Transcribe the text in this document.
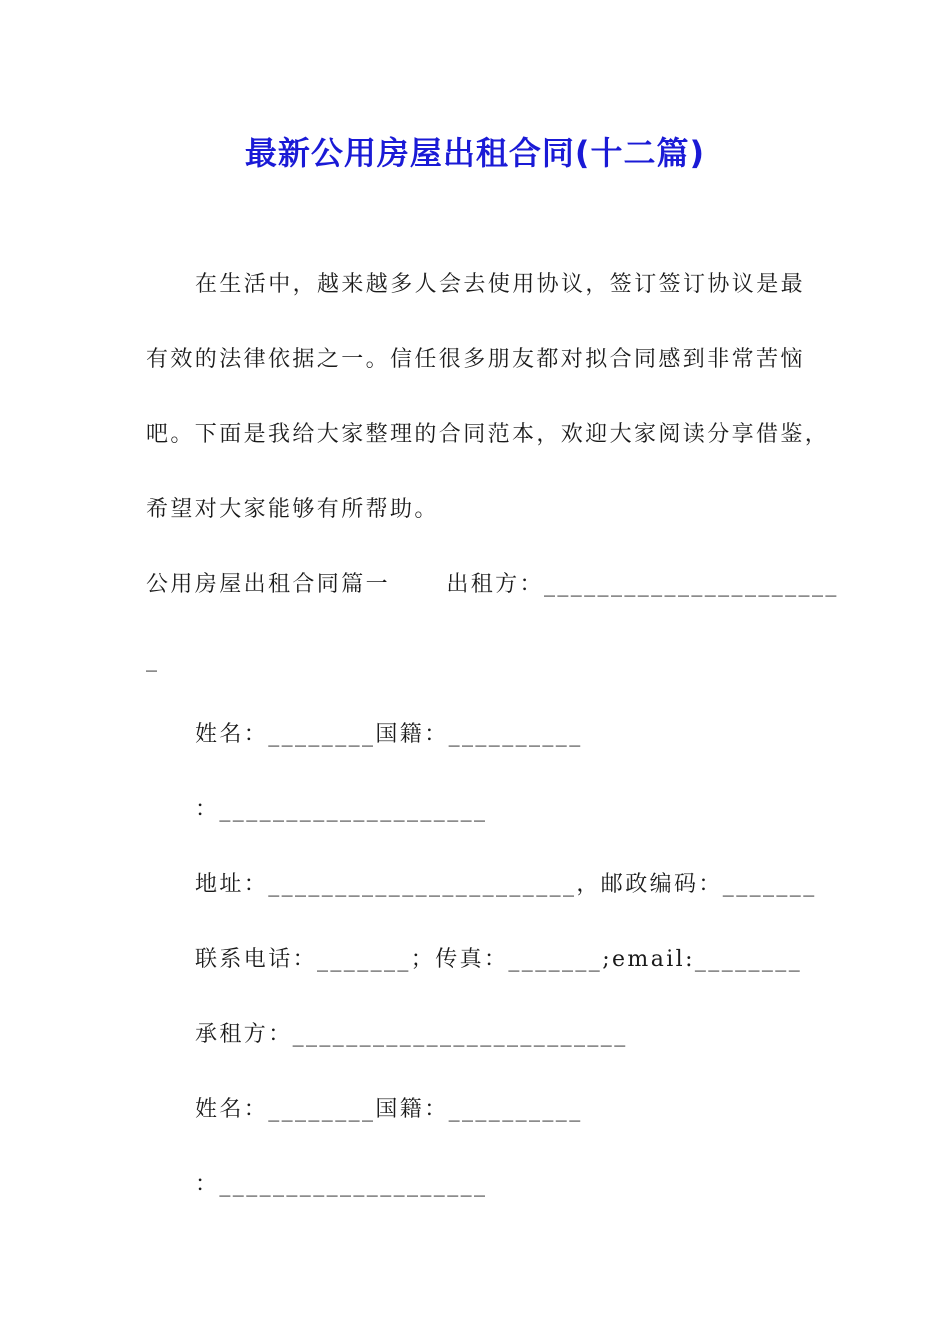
最新公用房屋出租合同(十二篇)
在生活中，越来越多人会去使用协议，签订签订协议是最
有效的法律依据之一。信任很多朋友都对拟合同感到非常苦恼
吧。下面是我给大家整理的合同范本，欢迎大家阅读分享借鉴，
希望对大家能够有所帮助。
公用房屋出租合同篇一      出租方：______________________
_
姓名：________国籍：__________
：____________________
地址：_______________________，邮政编码：_______
联系电话：_______；传真：_______;email:________
承租方：_________________________
姓名：________国籍：__________
：____________________
